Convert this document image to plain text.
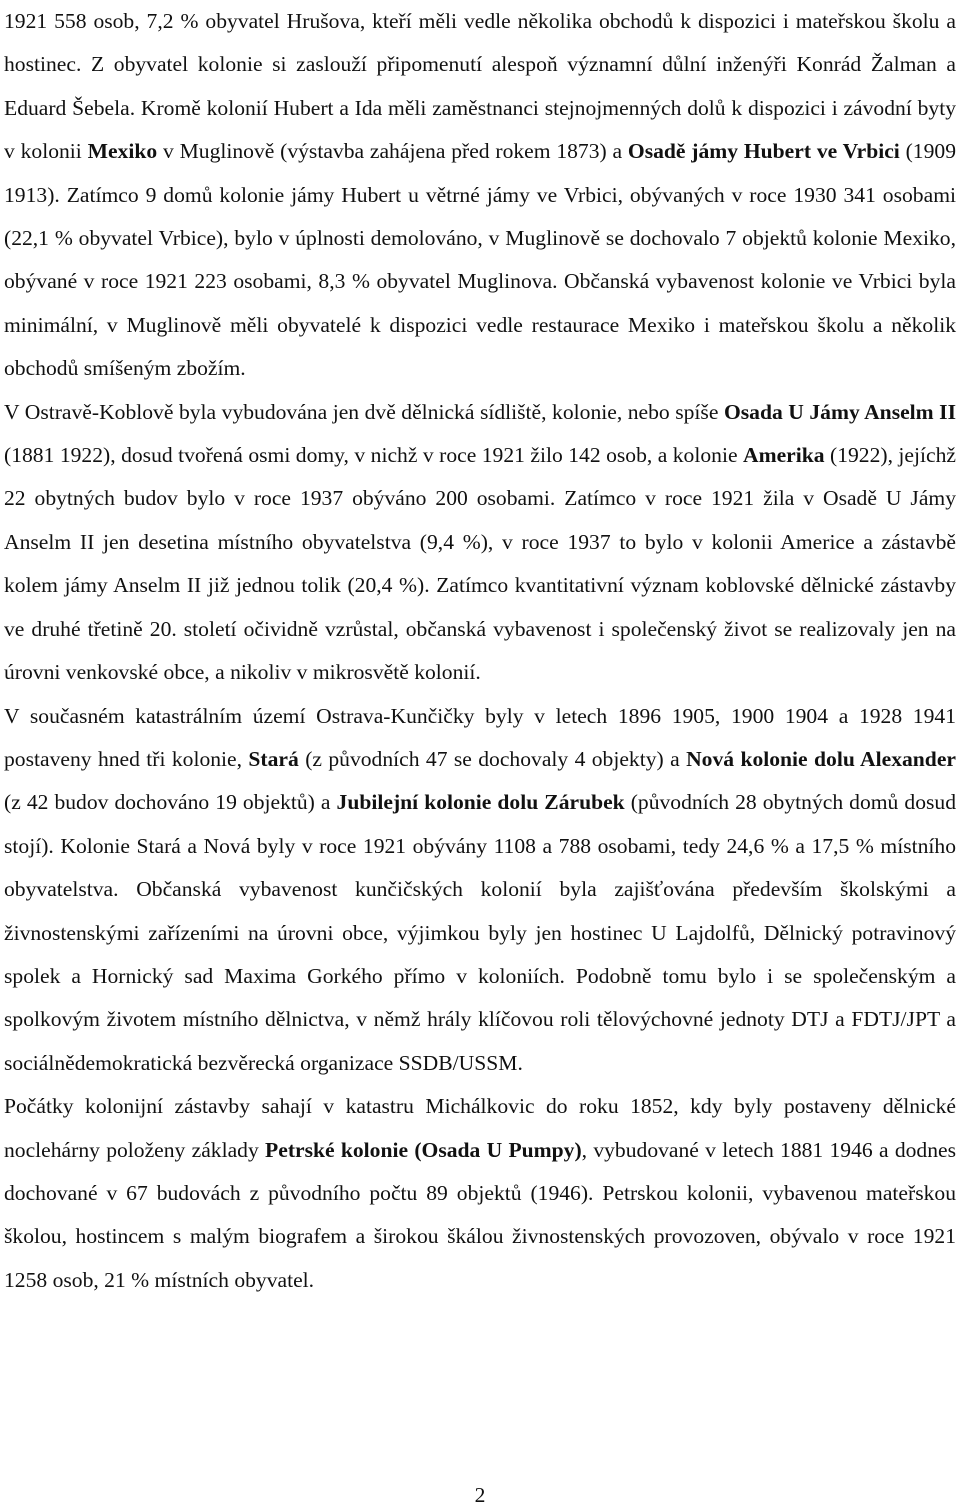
1921 558 osob, 7,2 % obyvatel Hrušova, kteří měli vedle několika obchodů k dispozici i mateřskou školu a hostinec. Z obyvatel kolonie si zaslouží připomenutí alespoň významní důlní inženýři Konrád Žalman a Eduard Šebela. Kromě kolonií Hubert a Ida měli zaměstnanci stejnojmenných dolů k dispozici i závodní byty v kolonii Mexiko v Muglinově (výstavba zahájena před rokem 1873) a Osadě jámy Hubert ve Vrbici (1909 1913). Zatímco 9 domů kolonie jámy Hubert u větrné jámy ve Vrbici, obývaných v roce 1930 341 osobami (22,1 % obyvatel Vrbice), bylo v úplnosti demolováno, v Muglinově se dochovalo 7 objektů kolonie Mexiko, obývané v roce 1921 223 osobami, 8,3 % obyvatel Muglinova. Občanská vybavenost kolonie ve Vrbici byla minimální, v Muglinově měli obyvatelé k dispozici vedle restaurace Mexiko i mateřskou školu a několik obchodů smíšeným zbožím.

V Ostravě-Koblově byla vybudována jen dvě dělnická sídliště, kolonie, nebo spíše Osada U Jámy Anselm II (1881 1922), dosud tvořená osmi domy, v nichž v roce 1921 žilo 142 osob, a kolonie Amerika (1922), jejíchž 22 obytných budov bylo v roce 1937 obýváno 200 osobami. Zatímco v roce 1921 žila v Osadě U Jámy Anselm II jen desetina místního obyvatelstva (9,4 %), v roce 1937 to bylo v kolonii Americe a zástavbě kolem jámy Anselm II již jednou tolik (20,4 %). Zatímco kvantitativní význam koblovské dělnické zástavby ve druhé třetině 20. století očividně vzrůstal, občanská vybavenost i společenský život se realizovaly jen na úrovni venkovské obce, a nikoliv v mikrosvětě kolonií.

V současném katastrálním území Ostrava-Kunčičky byly v letech 1896 1905, 1900 1904 a 1928 1941 postaveny hned tři kolonie, Stará (z původních 47 se dochovaly 4 objekty) a Nová kolonie dolu Alexander (z 42 budov dochováno 19 objektů) a Jubilejní kolonie dolu Zárubek (původních 28 obytných domů dosud stojí). Kolonie Stará a Nová byly v roce 1921 obývány 1108 a 788 osobami, tedy 24,6 % a 17,5 % místního obyvatelstva. Občanská vybavenost kunčičských kolonií byla zajišťována především školskými a živnostenskými zařízeními na úrovni obce, výjimkou byly jen hostinec U Lajdolfů, Dělnický potravinový spolek a Hornický sad Maxima Gorkého přímo v koloniích. Podobně tomu bylo i se společenským a spolkovým životem místního dělnictva, v němž hrály klíčovou roli tělovýchovné jednoty DTJ a FDTJ/JPT a sociálnědemokratická bezvěrecká organizace SSDB/USSM.

Počátky kolonijní zástavby sahají v katastru Michálkovic do roku 1852, kdy byly postaveny dělnické noclehárny položeny základy Petrské kolonie (Osada U Pumpy), vybudované v letech 1881 1946 a dodnes dochované v 67 budovách z původního počtu 89 objektů (1946). Petrskou kolonii, vybavenou mateřskou školou, hostincem s malým biografem a širokou škálou živnostenských provozoven, obývalo v roce 1921 1258 osob, 21 % místních obyvatel.

2
